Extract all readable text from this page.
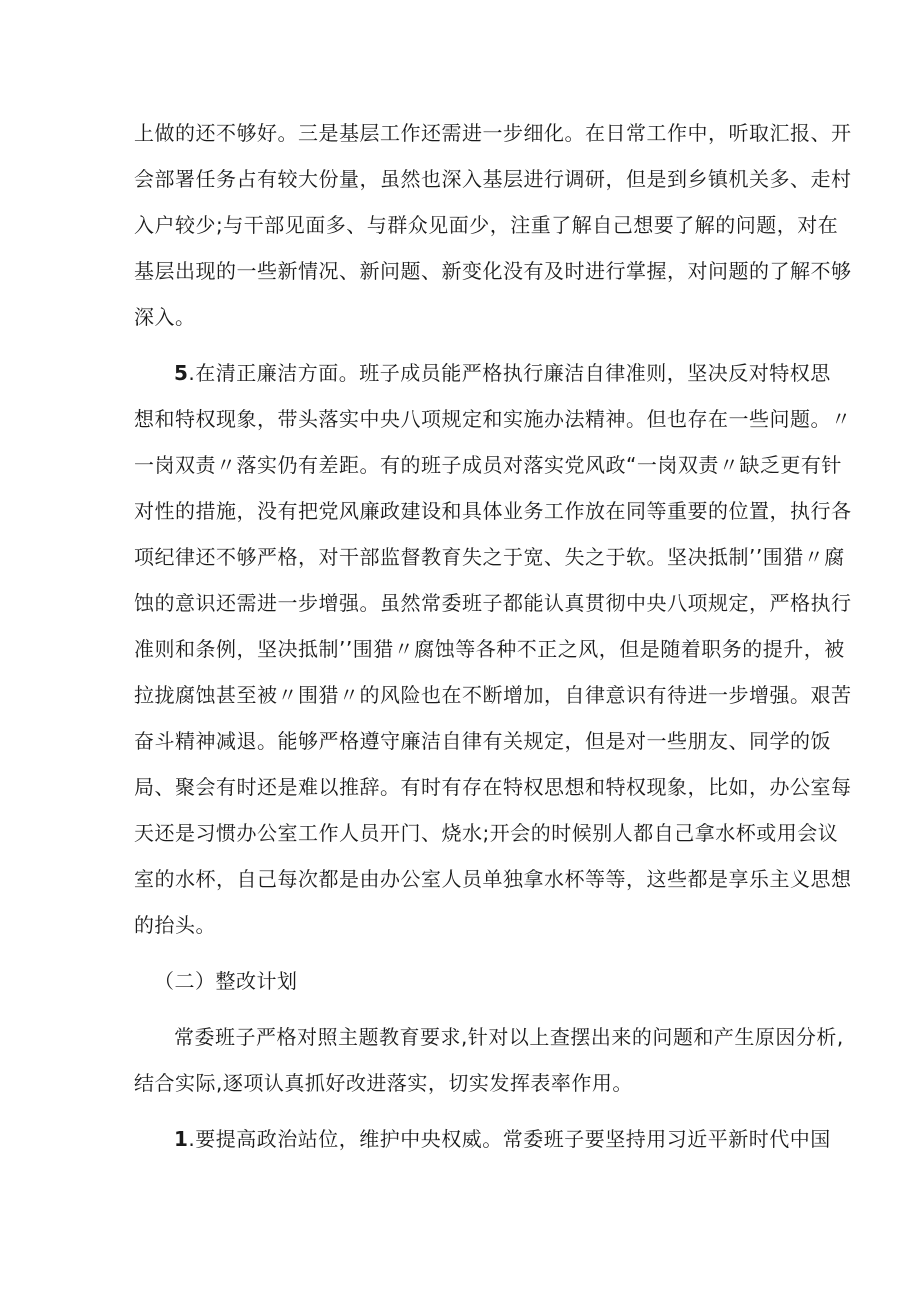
上做的还不够好。三是基层工作还需进一步细化。在日常工作中，听取汇报、开
会部署任务占有较大份量，虽然也深入基层进行调研，但是到乡镇机关多、走村
入户较少;与干部见面多、与群众见面少，注重了解自己想要了解的问题，对在
基层出现的一些新情况、新问题、新变化没有及时进行掌握，对问题的了解不够
深入。
5.在清正廉洁方面。班子成员能严格执行廉洁自律准则，坚决反对特权思
想和特权现象，带头落实中央八项规定和实施办法精神。但也存在一些问题。〃
一岗双责〃落实仍有差距。有的班子成员对落实党风政“一岗双责〃缺乏更有针
对性的措施，没有把党风廉政建设和具体业务工作放在同等重要的位置，执行各
项纪律还不够严格，对干部监督教育失之于宽、失之于软。坚决抵制’’围猎〃腐
蚀的意识还需进一步增强。虽然常委班子都能认真贯彻中央八项规定，严格执行
准则和条例，坚决抵制’’围猎〃腐蚀等各种不正之风，但是随着职务的提升，被
拉拢腐蚀甚至被〃围猎〃的风险也在不断增加，自律意识有待进一步增强。艰苦
奋斗精神减退。能够严格遵守廉洁自律有关规定，但是对一些朋友、同学的饭
局、聚会有时还是难以推辞。有时有存在特权思想和特权现象，比如，办公室每
天还是习惯办公室工作人员开门、烧水;开会的时候别人都自己拿水杯或用会议
室的水杯，自己每次都是由办公室人员单独拿水杯等等，这些都是享乐主义思想
的抬头。
（二）整改计划
常委班子严格对照主题教育要求,针对以上查摆出来的问题和产生原因分析,
结合实际,逐项认真抓好改进落实，切实发挥表率作用。
1.要提高政治站位，维护中央权威。常委班子要坚持用习近平新时代中国
